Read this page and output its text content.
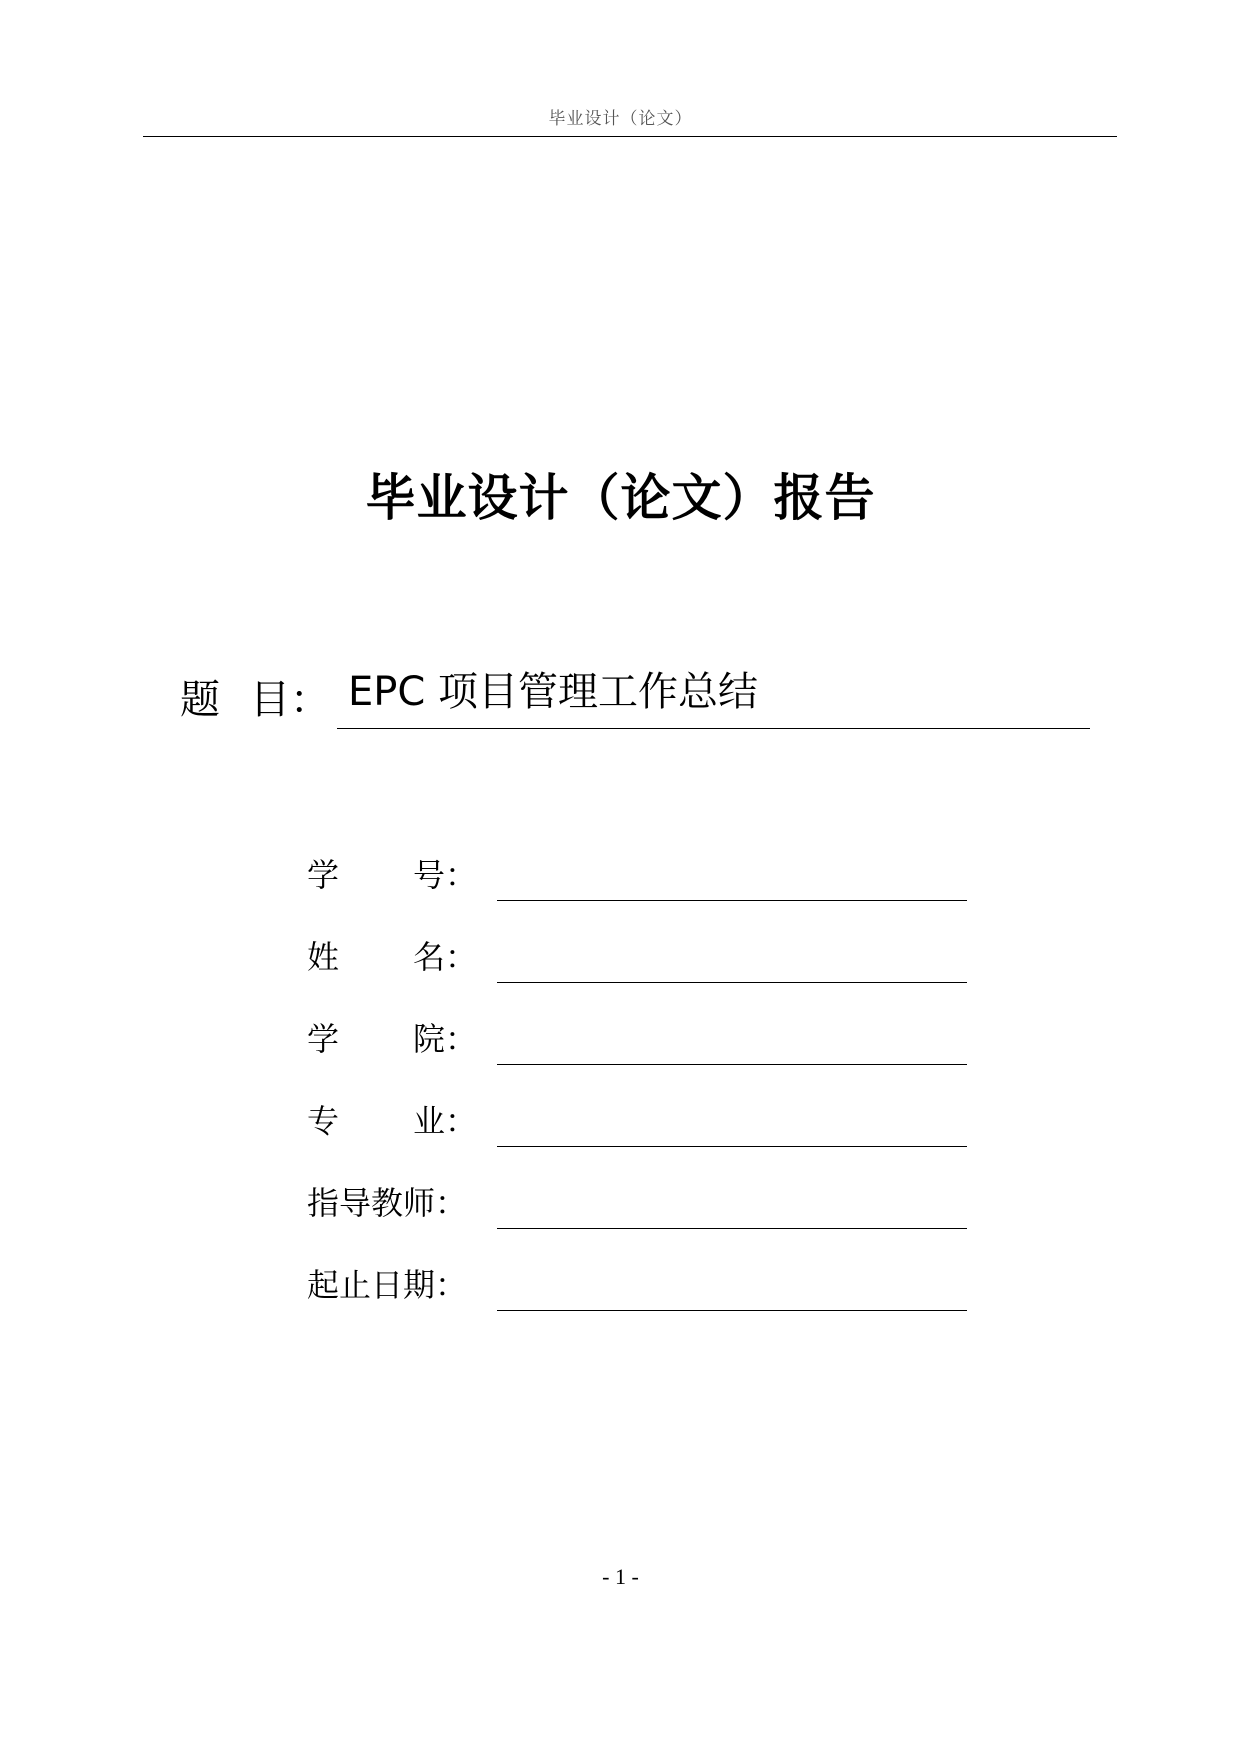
毕业设计（论文）
毕业设计（论文）报告
题 目： EPC 项目管理工作总结
学 号：
姓 名：
学 院：
专 业：
指导教师：
起止日期：
- 1 -
